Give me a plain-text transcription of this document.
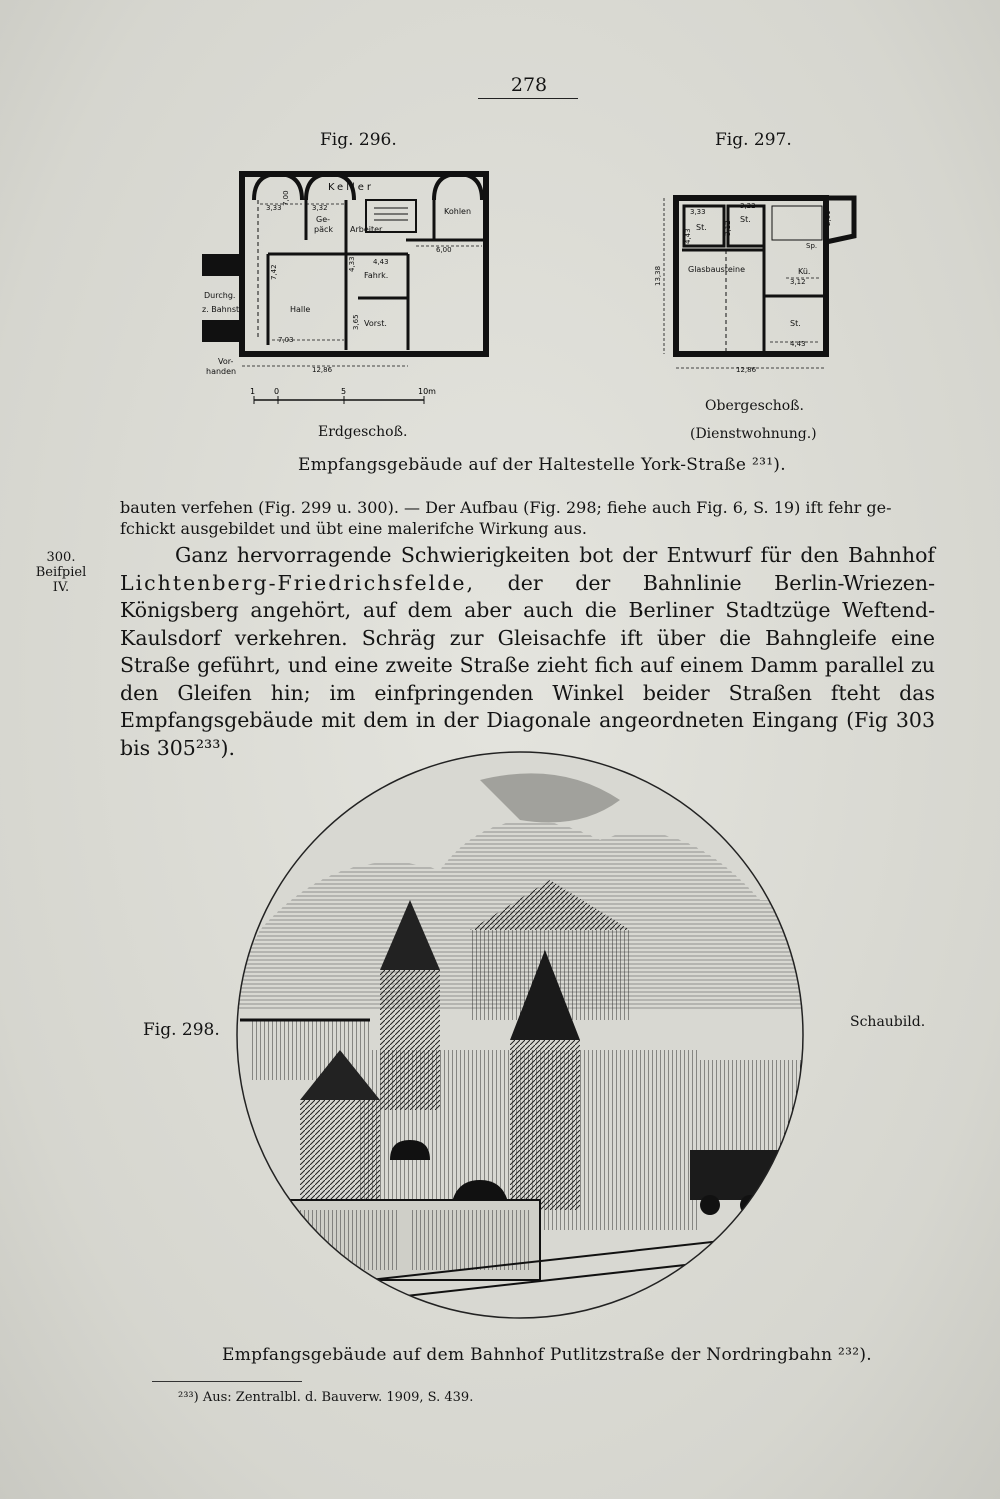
278
Fig. 296.
Keller
Kohlen
Ge-
päck Arbeiter
Halle
Fahrk.
Vorst.
Durchg.
z. Bahnst.
Vor-
handen
3,33	3,32
4,43
6,00
7,03
12,86
7,42
3,65
4,33
7,00
1 0	5	10m
Erdgeschoß.
Fig. 297.
St.
St.
Glasbausteine	Kü.
St.
Sp.
3,33
3,22
12,86
13,38
3,12
4,43
2,61
4,43
3,12
Obergeschoß.
(Dienstwohnung.)
Empfangsgebäude auf der Haltestelle York-Straße ²³¹).

bauten verfehen (Fig. 299 u. 300). — Der Aufbau (Fig. 298; fiehe auch Fig. 6, S. 19) ift fehr ge-

fchickt ausgebildet und übt eine malerifche Wirkung aus.

300.
Beifpiel
IV.

Ganz hervorragende Schwierigkeiten bot der Entwurf für den Bahnhof Lichtenberg-Friedrichsfelde, der der Bahnlinie Berlin-Wriezen-Königsberg angehört, auf dem aber auch die Berliner Stadtzüge Weftend-Kaulsdorf verkehren. Schräg zur Gleisachfe ift über die Bahngleife eine Straße geführt, und eine zweite Straße zieht fich auf einem Damm parallel zu den Gleifen hin; im einfpringenden Winkel beider Straßen fteht das Empfangsgebäude mit dem in der Diagonale angeordneten Eingang (Fig 303 bis 305²³³).

Fig. 298.	Schaubild.
Empfangsgebäude auf dem Bahnhof Putlitzstraße der Nordringbahn ²³²).
²³³) Aus: Zentralbl. d. Bauverw. 1909, S. 439.
